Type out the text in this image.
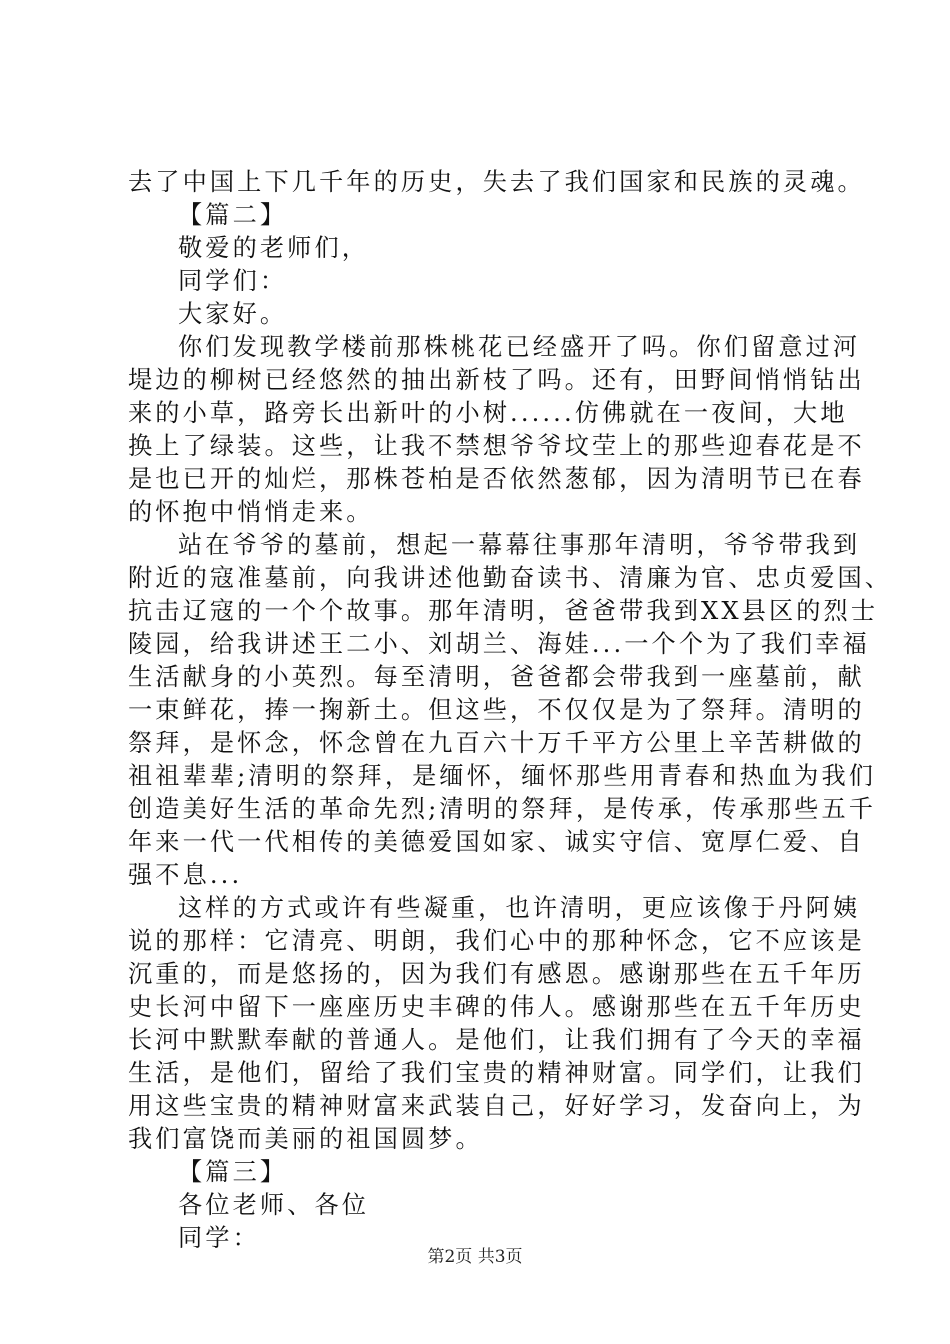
去了中国上下几千年的历史，失去了我们国家和民族的灵魂。
【篇二】
敬爱的老师们，
同学们：
大家好。
你们发现教学楼前那株桃花已经盛开了吗。你们留意过河
堤边的柳树已经悠然的抽出新枝了吗。还有，田野间悄悄钻出
来的小草，路旁长出新叶的小树......仿佛就在一夜间，大地
换上了绿装。这些，让我不禁想爷爷坟茔上的那些迎春花是不
是也已开的灿烂，那株苍柏是否依然葱郁，因为清明节已在春
的怀抱中悄悄走来。
站在爷爷的墓前，想起一幕幕往事那年清明，爷爷带我到
附近的寇准墓前，向我讲述他勤奋读书、清廉为官、忠贞爱国、
抗击辽寇的一个个故事。那年清明，爸爸带我到XX县区的烈士
陵园，给我讲述王二小、刘胡兰、海娃...一个个为了我们幸福
生活献身的小英烈。每至清明，爸爸都会带我到一座墓前，献
一束鲜花，捧一掬新土。但这些，不仅仅是为了祭拜。清明的
祭拜，是怀念，怀念曾在九百六十万千平方公里上辛苦耕做的
祖祖辈辈;清明的祭拜，是缅怀，缅怀那些用青春和热血为我们
创造美好生活的革命先烈;清明的祭拜，是传承，传承那些五千
年来一代一代相传的美德爱国如家、诚实守信、宽厚仁爱、自
强不息...
这样的方式或许有些凝重，也许清明，更应该像于丹阿姨
说的那样：它清亮、明朗，我们心中的那种怀念，它不应该是
沉重的，而是悠扬的，因为我们有感恩。感谢那些在五千年历
史长河中留下一座座历史丰碑的伟人。感谢那些在五千年历史
长河中默默奉献的普通人。是他们，让我们拥有了今天的幸福
生活，是他们，留给了我们宝贵的精神财富。同学们，让我们
用这些宝贵的精神财富来武装自己，好好学习，发奋向上，为
我们富饶而美丽的祖国圆梦。
【篇三】
各位老师、各位
同学：
第2页 共3页
